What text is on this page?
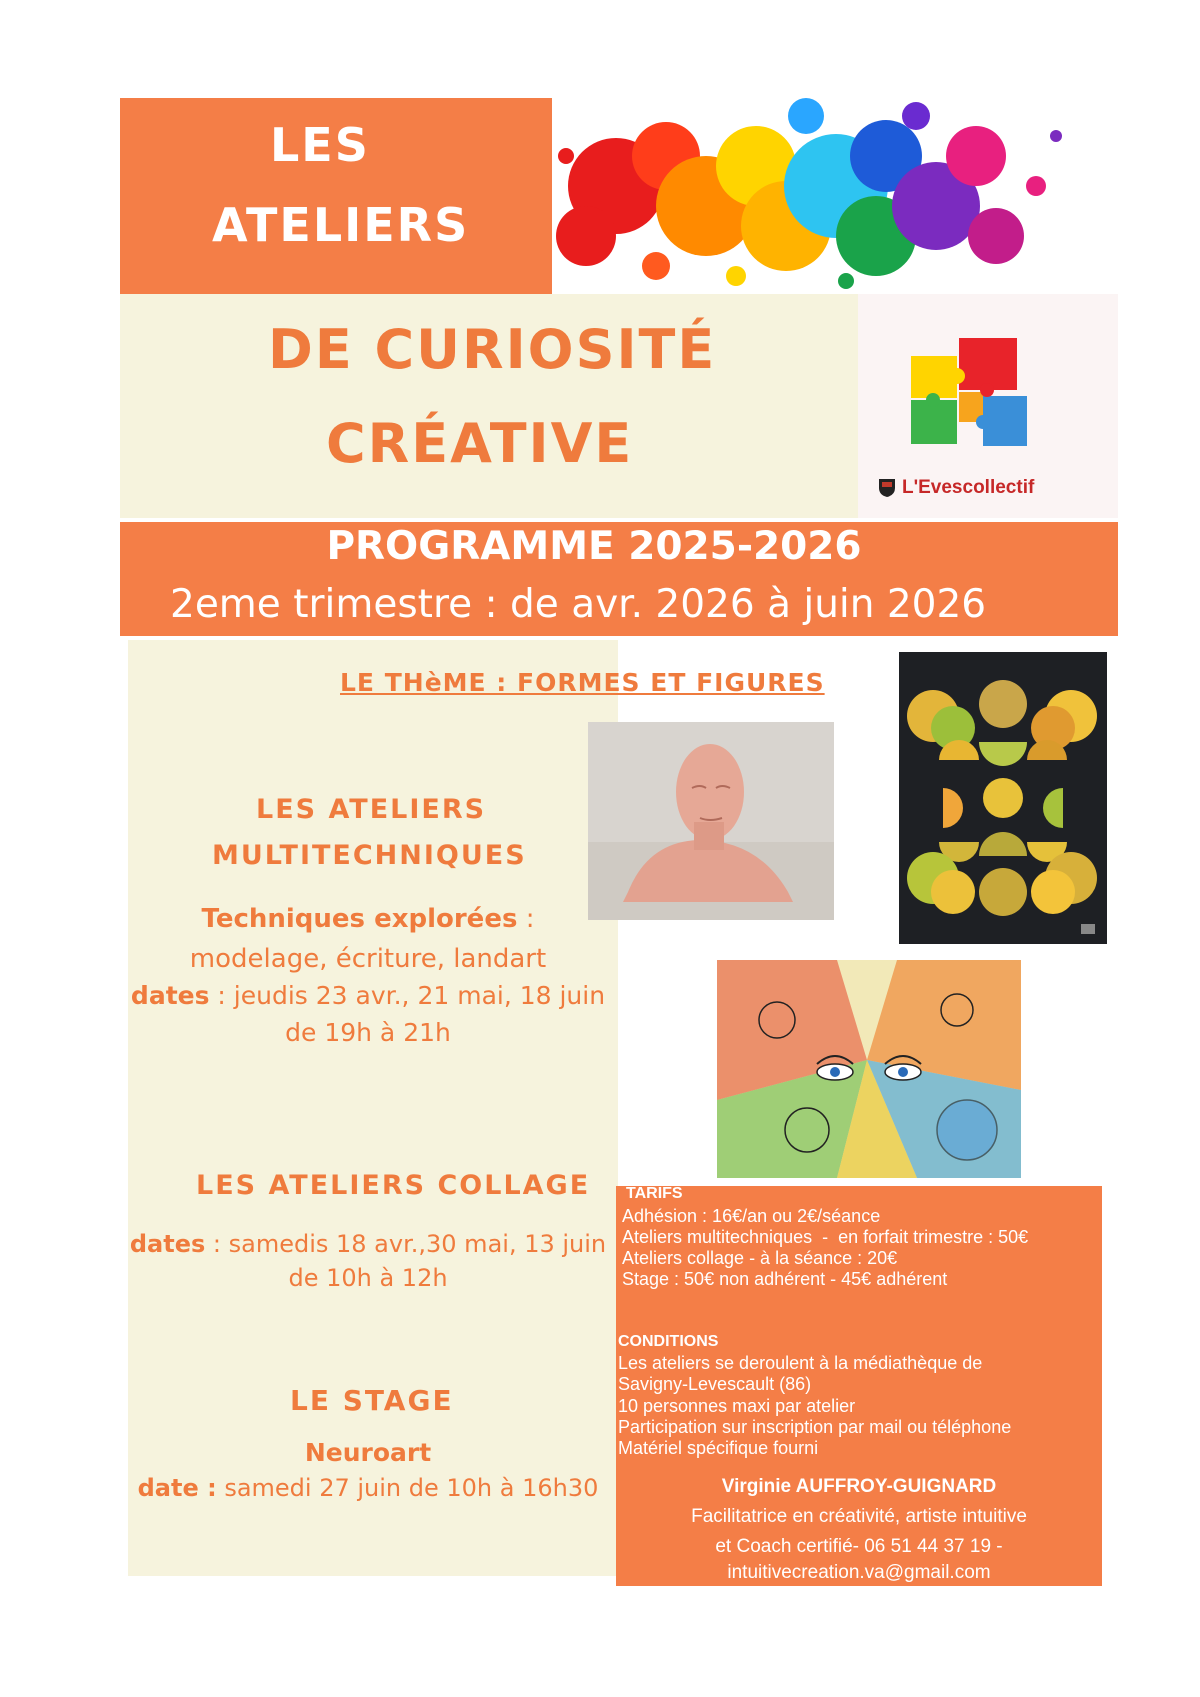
LES
ATELIERS
DE CURIOSITÉ
CRÉATIVE
L'Evescollectif
PROGRAMME 2025-2026
2eme trimestre : de avr. 2026 à juin 2026
LE THèME : FORMES ET FIGURES
LES ATELIERS
MULTITECHNIQUES
Techniques explorées :
modelage, écriture, landart
dates : jeudis 23 avr., 21 mai, 18 juin
de 19h à 21h
LES ATELIERS COLLAGE
dates : samedis 18 avr.,30 mai, 13 juin
de 10h à 12h
LE STAGE
Neuroart
date : samedi 27 juin de 10h à 16h30
TARIFS
Adhésion : 16€/an ou 2€/séance
Ateliers multitechniques  -  en forfait trimestre : 50€
Ateliers collage - à la séance : 20€
Stage : 50€ non adhérent - 45€ adhérent
CONDITIONS
Les ateliers se deroulent à la médiathèque de
Savigny-Levescault (86)
10 personnes maxi par atelier
Participation sur inscription par mail ou téléphone
Matériel spécifique fourni
Virginie AUFFROY-GUIGNARD
Facilitatrice en créativité, artiste intuitive
et Coach certifié- 06 51 44 37 19 -
intuitivecreation.va@gmail.com
